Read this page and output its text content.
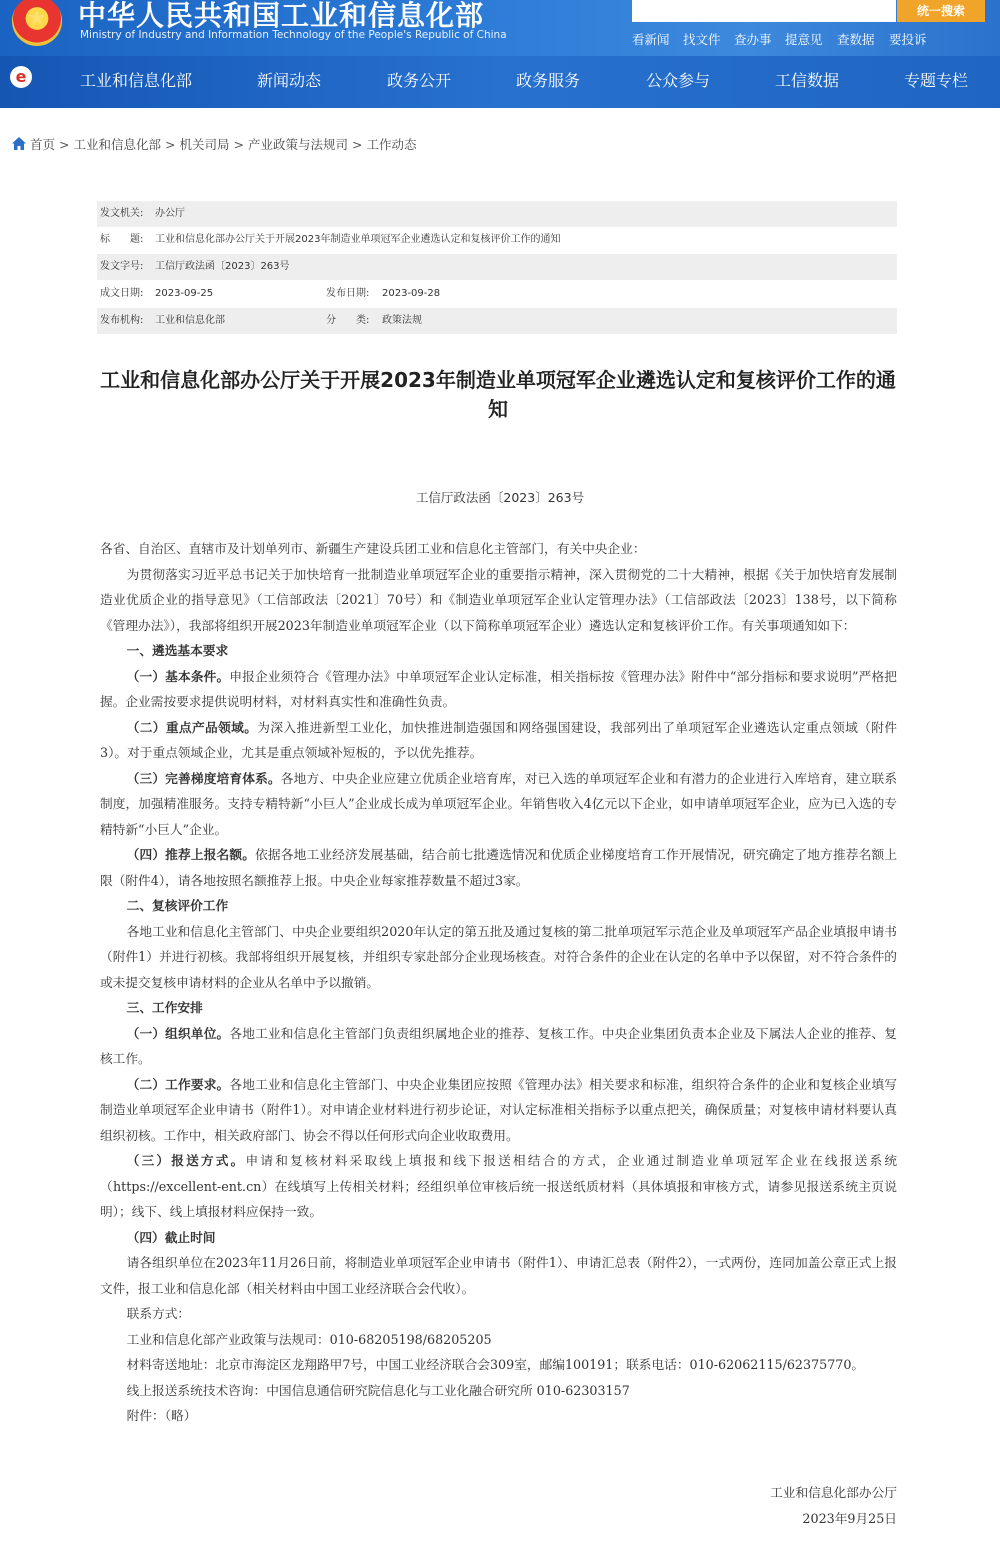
★	中华人民共和国工业和信息化部
Ministry of Industry and Information Technology of the People's Republic of China
统一搜索
看新闻 找文件 查办事 提意见 查数据 要投诉
e	工业和信息化部	新闻动态	政务公开	政务服务	公众参与	工信数据	专题专栏
首页 > 工业和信息化部 > 机关司局 > 产业政策与法规司 > 工作动态
发文机关: 办公厅
标　　题: 工业和信息化部办公厅关于开展2023年制造业单项冠军企业遴选认定和复核评价工作的通知
发文字号: 工信厅政法函〔2023〕263号
成文日期: 2023-09-25	发布日期: 2023-09-28
发布机构: 工业和信息化部	分　　类: 政策法规
工业和信息化部办公厅关于开展2023年制造业单项冠军企业遴选认定和复核评价工作的通知
工信厅政法函〔2023〕263号

各省、自治区、直辖市及计划单列市、新疆生产建设兵团工业和信息化主管部门，有关中央企业：

为贯彻落实习近平总书记关于加快培育一批制造业单项冠军企业的重要指示精神，深入贯彻党的二十大精神，根据《关于加快培育发展制造业优质企业的指导意见》（工信部政法〔2021〕70号）和《制造业单项冠军企业认定管理办法》（工信部政法〔2023〕138号，以下简称《管理办法》），我部将组织开展2023年制造业单项冠军企业（以下简称单项冠军企业）遴选认定和复核评价工作。有关事项通知如下：

一、遴选基本要求

（一）基本条件。申报企业须符合《管理办法》中单项冠军企业认定标准，相关指标按《管理办法》附件中“部分指标和要求说明”严格把握。企业需按要求提供说明材料，对材料真实性和准确性负责。

（二）重点产品领域。为深入推进新型工业化，加快推进制造强国和网络强国建设，我部列出了单项冠军企业遴选认定重点领域（附件3）。对于重点领域企业，尤其是重点领域补短板的，予以优先推荐。

（三）完善梯度培育体系。各地方、中央企业应建立优质企业培育库，对已入选的单项冠军企业和有潜力的企业进行入库培育，建立联系制度，加强精准服务。支持专精特新“小巨人”企业成长成为单项冠军企业。年销售收入4亿元以下企业，如申请单项冠军企业，应为已入选的专精特新“小巨人”企业。

（四）推荐上报名额。依据各地工业经济发展基础，结合前七批遴选情况和优质企业梯度培育工作开展情况，研究确定了地方推荐名额上限（附件4），请各地按照名额推荐上报。中央企业每家推荐数量不超过3家。

二、复核评价工作

各地工业和信息化主管部门、中央企业要组织2020年认定的第五批及通过复核的第二批单项冠军示范企业及单项冠军产品企业填报申请书（附件1）并进行初核。我部将组织开展复核，并组织专家赴部分企业现场核查。对符合条件的企业在认定的名单中予以保留，对不符合条件的或未提交复核申请材料的企业从名单中予以撤销。

三、工作安排

（一）组织单位。各地工业和信息化主管部门负责组织属地企业的推荐、复核工作。中央企业集团负责本企业及下属法人企业的推荐、复核工作。

（二）工作要求。各地工业和信息化主管部门、中央企业集团应按照《管理办法》相关要求和标准，组织符合条件的企业和复核企业填写制造业单项冠军企业申请书（附件1）。对申请企业材料进行初步论证，对认定标准相关指标予以重点把关，确保质量；对复核申请材料要认真组织初核。工作中，相关政府部门、协会不得以任何形式向企业收取费用。

（三）报送方式。申请和复核材料采取线上填报和线下报送相结合的方式，企业通过制造业单项冠军企业在线报送系统（https://excellent-ent.cn）在线填写上传相关材料；经组织单位审核后统一报送纸质材料（具体填报和审核方式，请参见报送系统主页说明）；线下、线上填报材料应保持一致。

（四）截止时间

请各组织单位在2023年11月26日前，将制造业单项冠军企业申请书（附件1）、申请汇总表（附件2），一式两份，连同加盖公章正式上报文件，报工业和信息化部（相关材料由中国工业经济联合会代收）。

联系方式：

工业和信息化部产业政策与法规司：010-68205198/68205205

材料寄送地址：北京市海淀区龙翔路甲7号，中国工业经济联合会309室，邮编100191；联系电话：010-62062115/62375770。

线上报送系统技术咨询：中国信息通信研究院信息化与工业化融合研究所 010-62303157

附件：（略）

工业和信息化部办公厅
2023年9月25日
